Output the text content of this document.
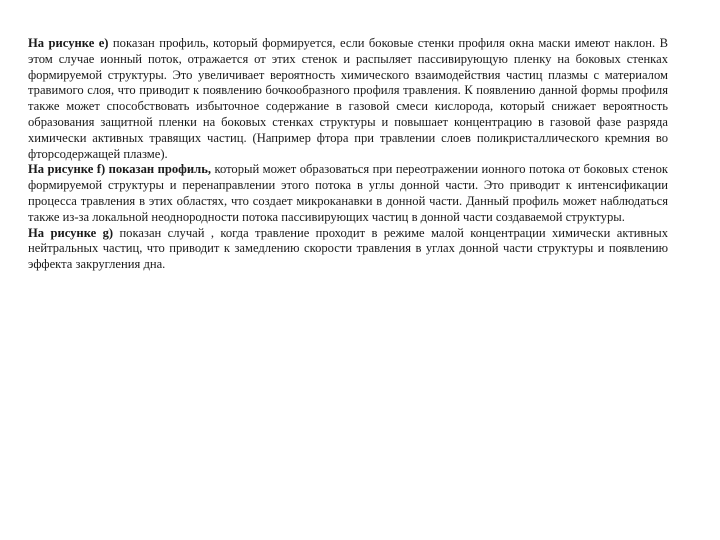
На рисунке е) показан профиль, который формируется, если боковые стенки профиля окна маски имеют наклон. В этом случае ионный поток, отражается от этих стенок и распыляет пассивирующую пленку на боковых стенках формируемой структуры. Это увеличивает вероятность химического взаимодействия частиц плазмы с материалом травимого слоя, что приводит к появлению бочкообразного профиля травления. К появлению данной формы профиля также может способствовать избыточное содержание в газовой смеси кислорода, который снижает вероятность образования защитной пленки на боковых стенках структуры и повышает концентрацию в газовой фазе разряда химически активных травящих частиц. (Например фтора при травлении слоев поликристаллического кремния во фторсодержащей плазме).

На рисунке f) показан профиль, который может образоваться при переотражении ионного потока от боковых стенок формируемой структуры и перенаправлении этого потока в углы донной части. Это приводит к интенсификации процесса травления в этих областях, что создает микроканавки в донной части. Данный профиль может наблюдаться также из-за локальной неоднородности потока пассивирующих частиц в донной части создаваемой структуры.

На рисунке g) показан случай , когда травление проходит в режиме малой концентрации химически активных нейтральных частиц, что приводит к замедлению скорости травления в углах донной части структуры и появлению эффекта закругления дна.
